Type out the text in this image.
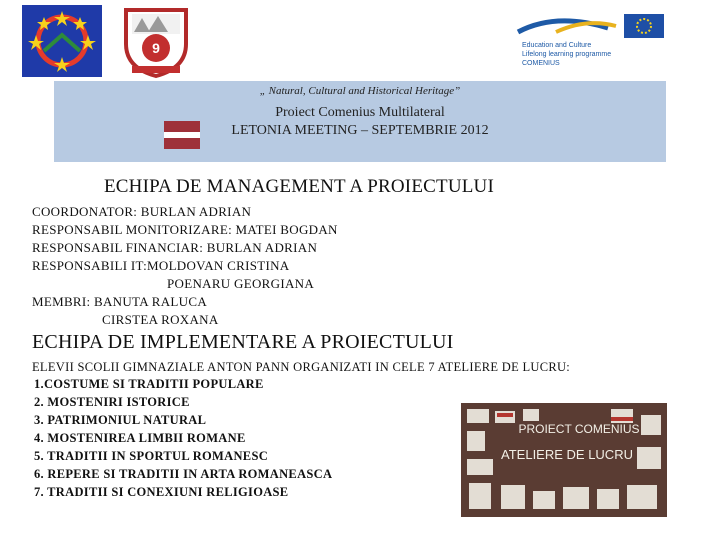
9	Education and Culture
Lifelong learning programme
COMENIUS
„ Natural, Cultural and Historical Heritage”
Proiect Comenius Multilateral
LETONIA MEETING – SEPTEMBRIE 2012
ECHIPA DE MANAGEMENT A PROIECTULUI
COORDONATOR: BURLAN ADRIAN
RESPONSABIL MONITORIZARE: MATEI BOGDAN
RESPONSABIL FINANCIAR: BURLAN ADRIAN
RESPONSABILI IT:MOLDOVAN CRISTINA
POENARU GEORGIANA
MEMBRI: BANUTA RALUCA
CIRSTEA ROXANA
ECHIPA DE IMPLEMENTARE A PROIECTULUI
ELEVII SCOLII GIMNAZIALE ANTON PANN ORGANIZATI IN CELE 7 ATELIERE DE LUCRU:
1.COSTUME SI TRADITII POPULARE
2. MOSTENIRI ISTORICE
3. PATRIMONIUL NATURAL
4. MOSTENIREA LIMBII ROMANE
5. TRADITII IN SPORTUL ROMANESC
6. REPERE SI TRADITII IN ARTA ROMANEASCA
7. TRADITII SI CONEXIUNI RELIGIOASE
PROIECT COMENIUS
ATELIERE DE LUCRU
